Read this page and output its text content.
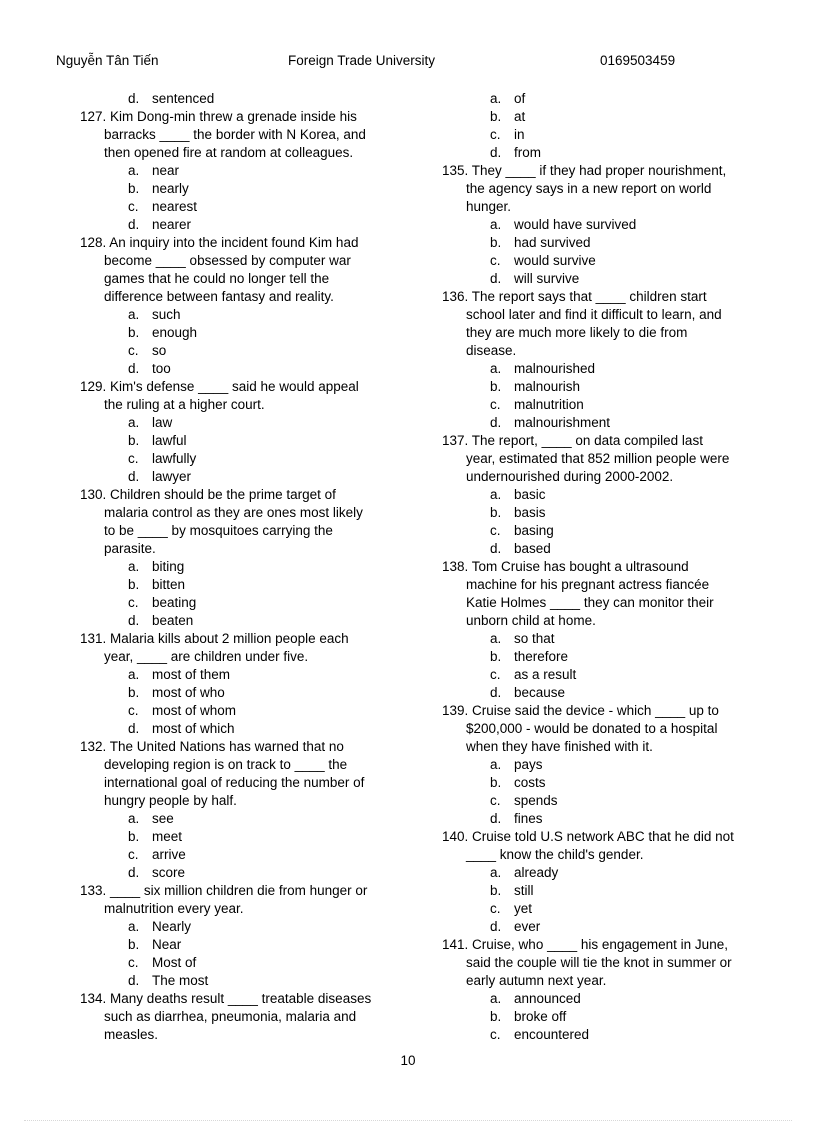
Nguyễn Tân Tiến	Foreign Trade University	0169503459
d. sentenced
127. Kim Dong-min threw a grenade inside his
barracks ____ the border with N Korea, and
then opened fire at random at colleagues.
a. near
b. nearly
c. nearest
d. nearer
128. An inquiry into the incident found Kim had
become ____ obsessed by computer war
games that he could no longer tell the
difference between fantasy and reality.
a. such
b. enough
c. so
d. too
129. Kim's defense ____ said he would appeal
the ruling at a higher court.
a. law
b. lawful
c. lawfully
d. lawyer
130. Children should be the prime target of
malaria control as they are ones most likely
to be ____ by mosquitoes carrying the
parasite.
a. biting
b. bitten
c. beating
d. beaten
131. Malaria kills about 2 million people each
year, ____ are children under five.
a. most of them
b. most of who
c. most of whom
d. most of which
132. The United Nations has warned that no
developing region is on track to ____ the
international goal of reducing the number of
hungry people by half.
a. see
b. meet
c. arrive
d. score
133. ____ six million children die from hunger or
malnutrition every year.
a. Nearly
b. Near
c. Most of
d. The most
134. Many deaths result ____ treatable diseases
such as diarrhea, pneumonia, malaria and
measles.
a. of
b. at
c. in
d. from
135. They ____ if they had proper nourishment,
the agency says in a new report on world
hunger.
a. would have survived
b. had survived
c. would survive
d. will survive
136. The report says that ____ children start
school later and find it difficult to learn, and
they are much more likely to die from
disease.
a. malnourished
b. malnourish
c. malnutrition
d. malnourishment
137. The report, ____ on data compiled last
year, estimated that 852 million people were
undernourished during 2000-2002.
a. basic
b. basis
c. basing
d. based
138. Tom Cruise has bought a ultrasound
machine for his pregnant actress fiancée
Katie Holmes ____ they can monitor their
unborn child at home.
a. so that
b. therefore
c. as a result
d. because
139. Cruise said the device - which ____ up to
$200,000 - would be donated to a hospital
when they have finished with it.
a. pays
b. costs
c. spends
d. fines
140. Cruise told U.S network ABC that he did not
____ know the child's gender.
a. already
b. still
c. yet
d. ever
141. Cruise, who ____ his engagement in June,
said the couple will tie the knot in summer or
early autumn next year.
a. announced
b. broke off
c. encountered
10
